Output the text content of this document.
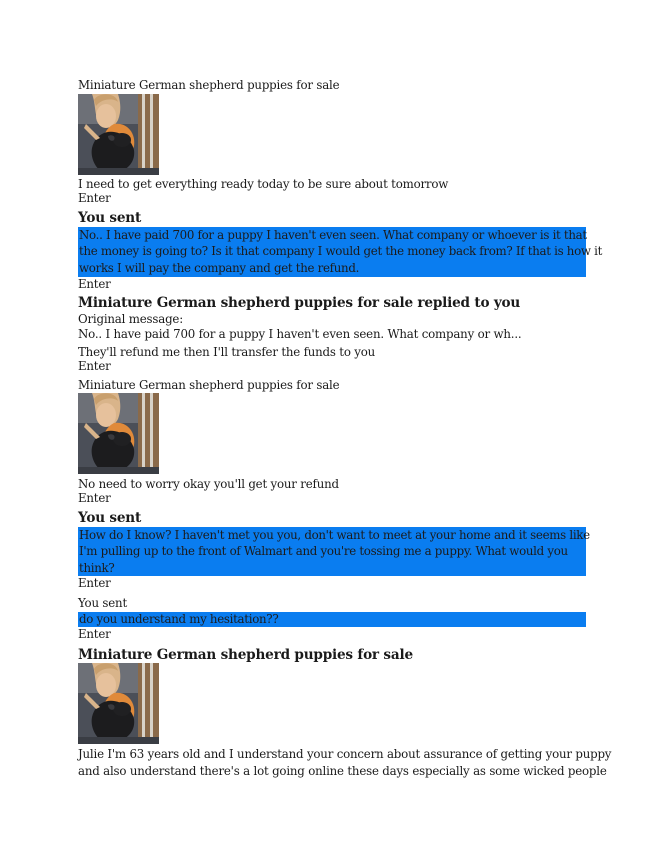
Miniature German shepherd puppies for sale

I need to get everything ready today to be sure about tomorrow

Enter

You sent

No.. I have paid 700 for a puppy I haven't even seen. What company or whoever is it that

the money is going to? Is it that company I would get the money back from? If that is how it

works I will pay the company and get the refund.

Enter

Miniature German shepherd puppies for sale replied to you

Original message:

No.. I have paid 700 for a puppy I haven't even seen. What company or wh...

They'll refund me then I'll transfer the funds to you

Enter

Miniature German shepherd puppies for sale

No need to worry okay you'll get your refund

Enter

You sent

How do I know? I haven't met you you, don't want to meet at your home and it seems like

I'm pulling up to the front of Walmart and you're tossing me a puppy. What would you

think?

Enter

You sent

do you understand my hesitation??

Enter

Miniature German shepherd puppies for sale

Julie I'm 63 years old and I understand your concern about assurance of getting your puppy

and also understand there's a lot going online these days especially as some wicked people
